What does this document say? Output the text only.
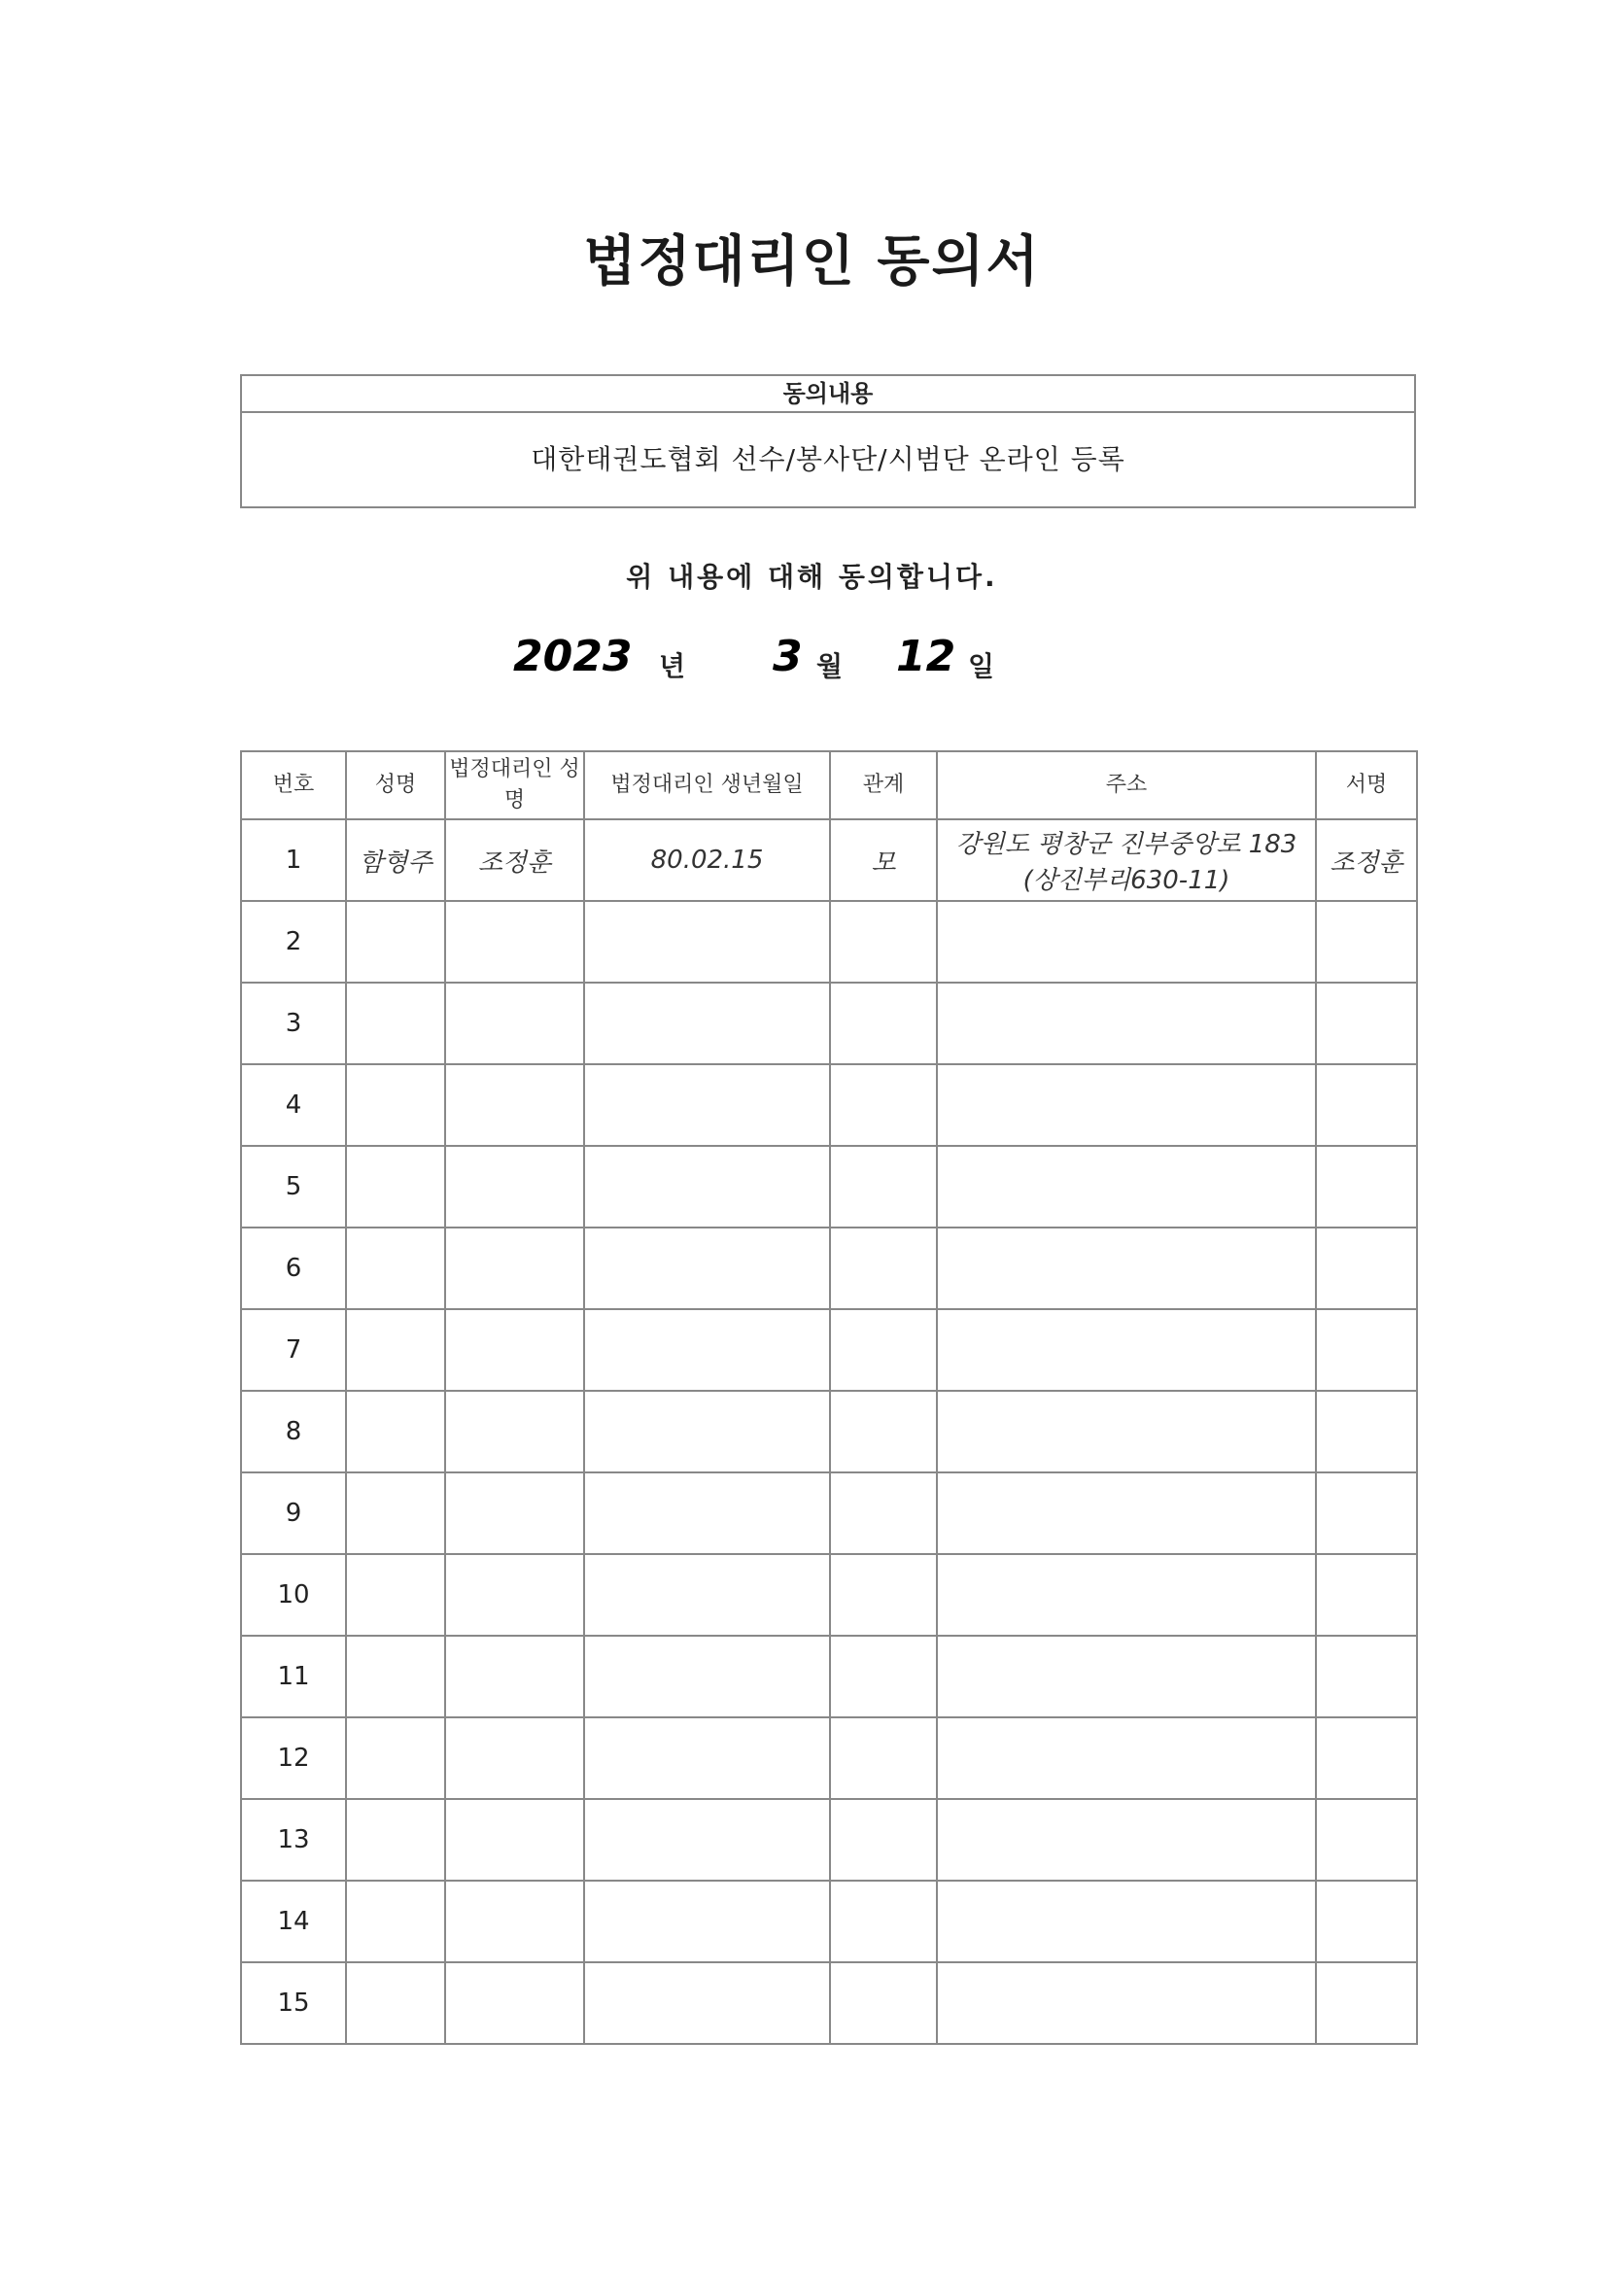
법정대리인 동의서
동의내용
대한태권도협회 선수/봉사단/시범단 온라인 등록
위 내용에 대해 동의합니다.
2023 년 3 월 12 일
번호	성명	법정대리인 성명	법정대리인 생년월일	관계	주소	서명
1	함형주	조정훈	80.02.15	모	강원도 평창군 진부중앙로 183 (상진부리630-11)	조정훈
2						
3						
4						
5						
6						
7						
8						
9						
10						
11						
12						
13						
14						
15						
